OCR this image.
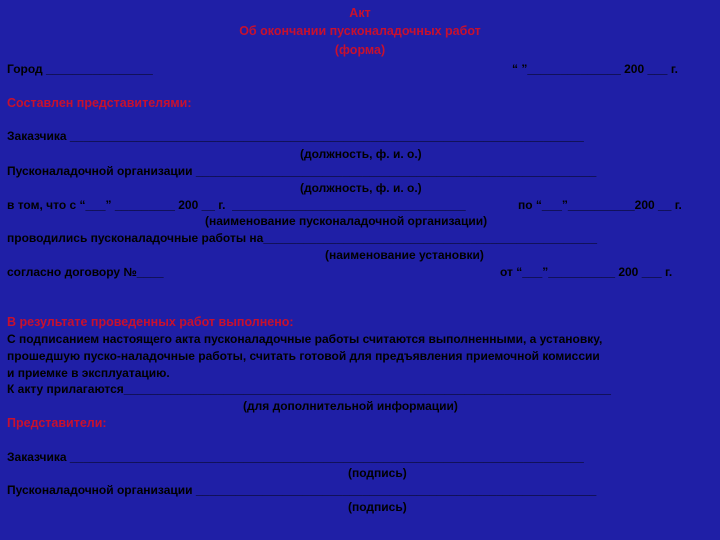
Акт
Об окончании пусконаладочных работ
(форма)
Город ________________	“ ”______________ 200 ___ г.
Составлен представителями:
Заказчика _____________________________________________________________________________
(должность, ф. и. о.)
Пусконаладочной организации ____________________________________________________________
(должность, ф. и. о.)
в том, что с “___” _________ 200 __ г.  ___________________________________	по “___”__________200 __ г.
(наименование пусконаладочной организации)
проводились пусконаладочные работы на__________________________________________________
(наименование установки)
согласно договору №____	от “___”__________ 200 ___ г.
В результате проведенных работ выполнено:
С подписанием настоящего акта пусконаладочные работы считаются выполненными, а установку,
прошедшую пуско-наладочные работы, считать готовой для предъявления приемочной комиссии
и приемке в эксплуатацию.
К акту прилагаются_________________________________________________________________________
(для дополнительной информации)
Представители:
Заказчика _____________________________________________________________________________
(подпись)
Пусконаладочной организации ____________________________________________________________
(подпись)
